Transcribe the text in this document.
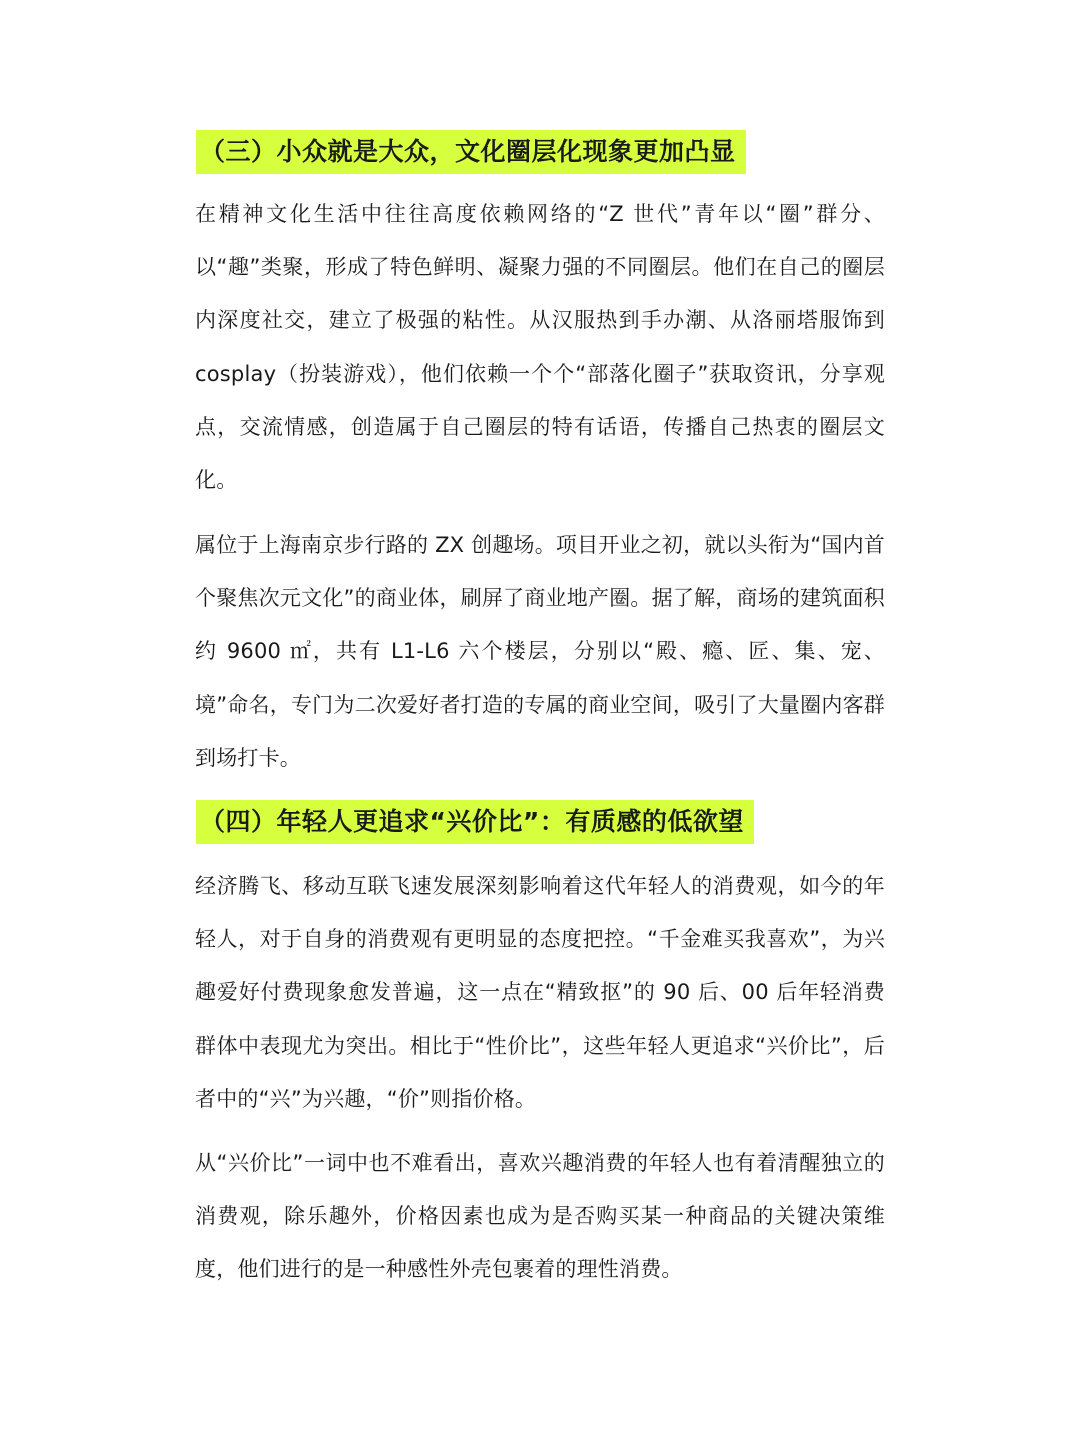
（三）小众就是大众，文化圈层化现象更加凸显

在精神文化生活中往往高度依赖网络的“Z 世代”青年以“圈”群分、以“趣”类聚，形成了特色鲜明、凝聚力强的不同圈层。他们在自己的圈层内深度社交，建立了极强的粘性。从汉服热到手办潮、从洛丽塔服饰到 cosplay（扮装游戏），他们依赖一个个“部落化圈子”获取资讯，分享观点，交流情感，创造属于自己圈层的特有话语，传播自己热衷的圈层文化。

属位于上海南京步行路的 ZX 创趣场。项目开业之初，就以头衔为“国内首个聚焦次元文化”的商业体，刷屏了商业地产圈。据了解，商场的建筑面积约 9600 ㎡，共有 L1-L6 六个楼层，分别以“殿、瘾、匠、集、宠、境”命名，专门为二次爱好者打造的专属的商业空间，吸引了大量圈内客群到场打卡。

（四）年轻人更追求“兴价比”：有质感的低欲望

经济腾飞、移动互联飞速发展深刻影响着这代年轻人的消费观，如今的年轻人，对于自身的消费观有更明显的态度把控。“千金难买我喜欢”，为兴趣爱好付费现象愈发普遍，这一点在“精致抠”的 90 后、00 后年轻消费群体中表现尤为突出。相比于“性价比”，这些年轻人更追求“兴价比”，后者中的“兴”为兴趣，“价”则指价格。

从“兴价比”一词中也不难看出，喜欢兴趣消费的年轻人也有着清醒独立的消费观，除乐趣外，价格因素也成为是否购买某一种商品的关键决策维度，他们进行的是一种感性外壳包裹着的理性消费。
